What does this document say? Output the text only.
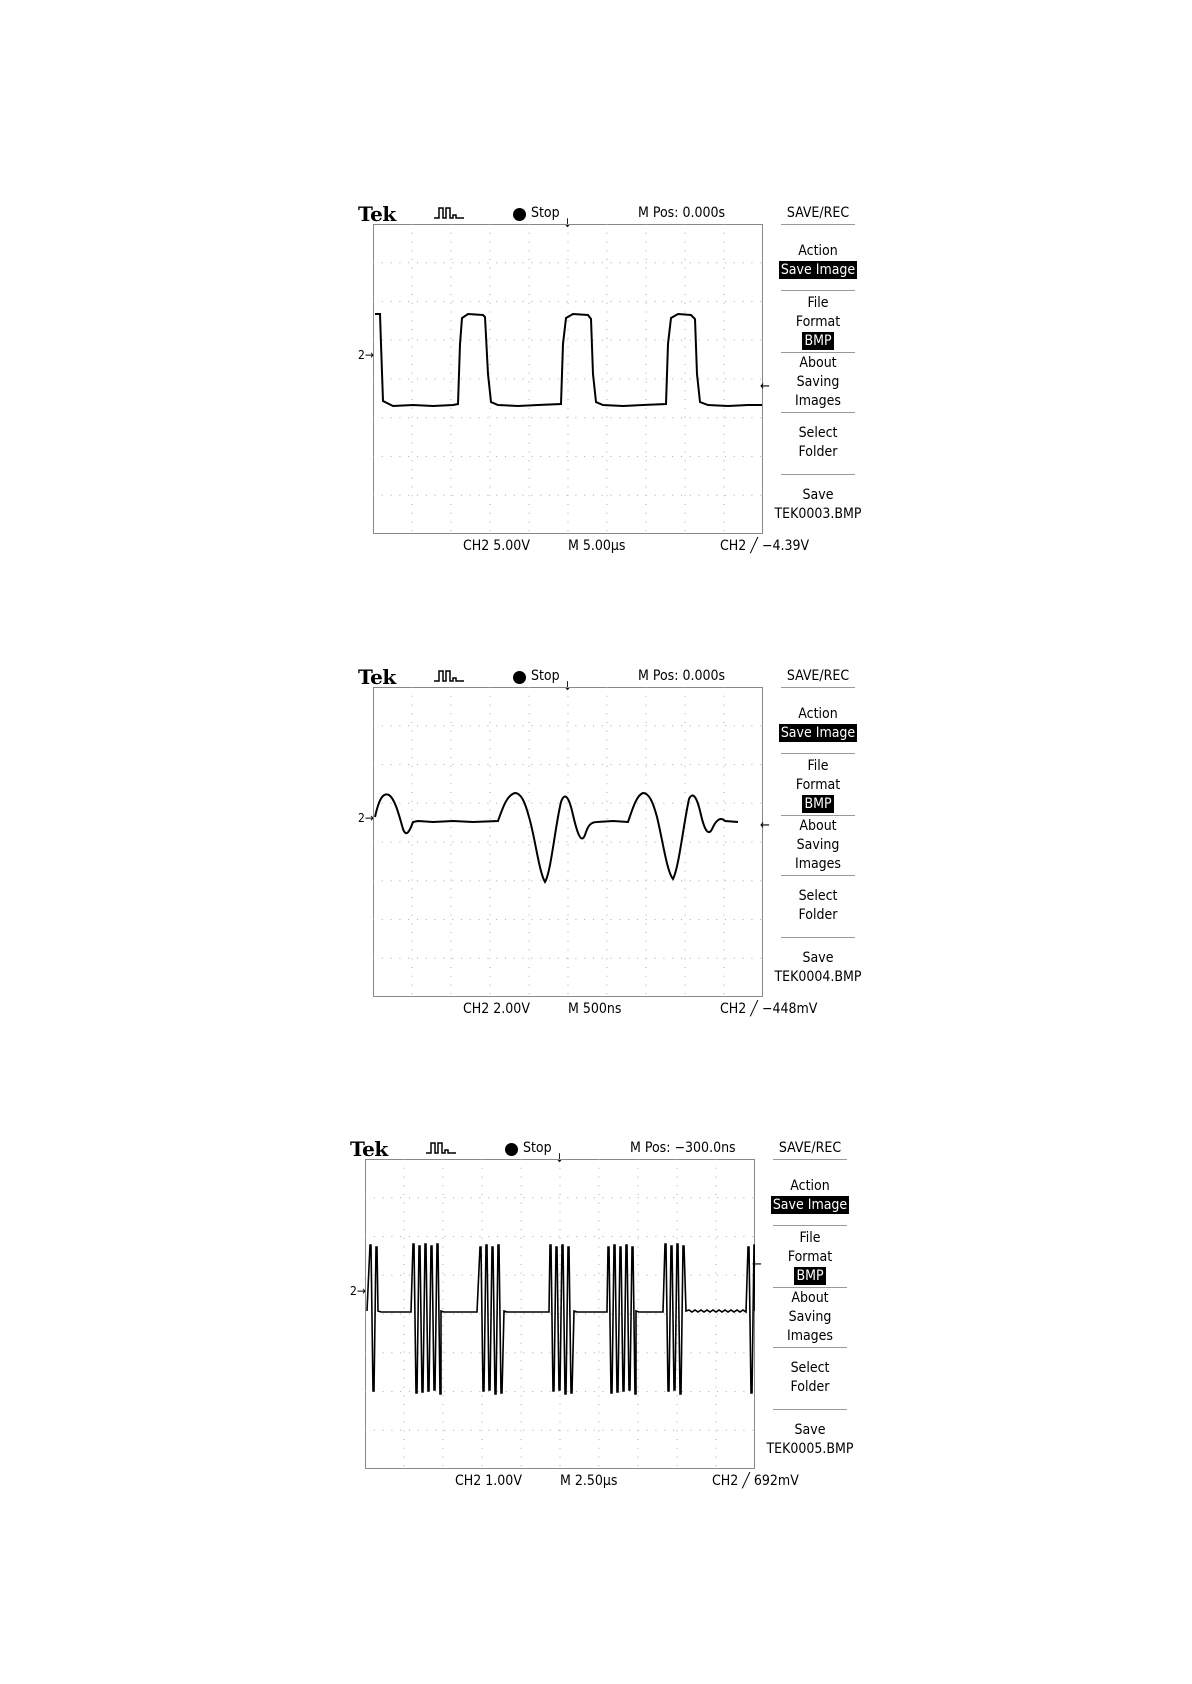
Tek	Stop	M Pos: 0.000s	SAVE/REC
↓
2→
←
CH2 5.00V	M 5.00µs	CH2 ╱ −4.39V
Action
Save Image
File
Format
BMP
About
Saving
Images
Select
Folder
Save
TEK0003.BMP
Tek	Stop	M Pos: 0.000s	SAVE/REC
↓
2→	←
CH2 2.00V	M 500ns	CH2 ╱ −448mV
Action
Save Image
File
Format
BMP
About
Saving
Images
Select
Folder
Save
TEK0004.BMP
Tek	Stop	M Pos: −300.0ns	SAVE/REC
↓
2→
←
CH2 1.00V	M 2.50µs	CH2 ╱ 692mV
Action
Save Image
File
Format
BMP
About
Saving
Images
Select
Folder
Save
TEK0005.BMP
